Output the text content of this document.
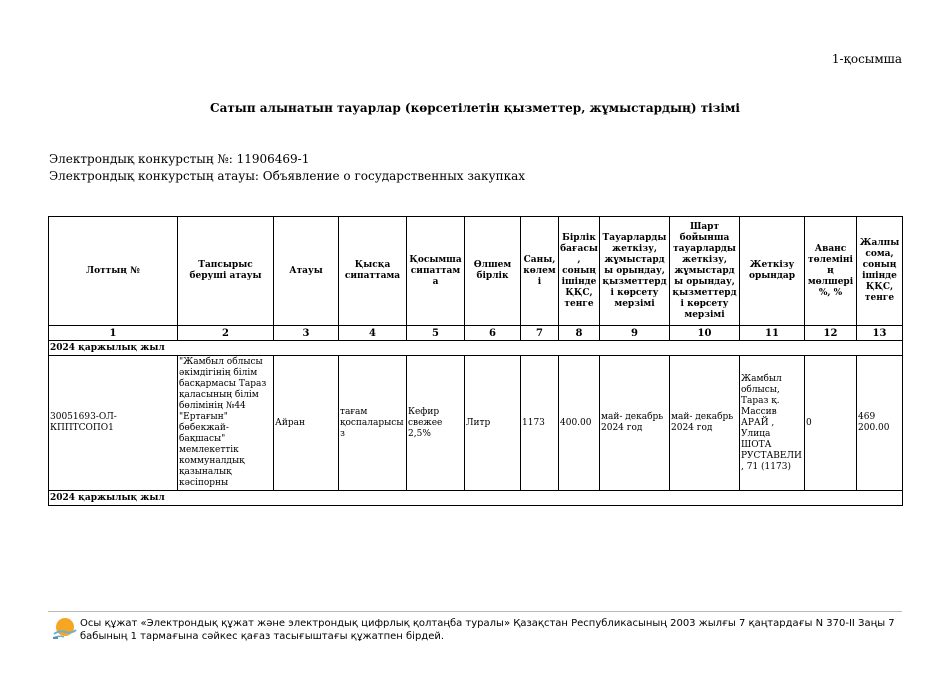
1-қосымша
Сатып алынатын тауарлар (көрсетілетін қызметтер, жұмыстардың) тізімі
Электрондық конкурстың №: 11906469-1
Электрондық конкурстың атауы: Объявление о государственных закупках
Лоттың №	Тапсырыс беруші атауы	Атауы	Қысқа сипаттама	Қосымша сипаттама	Өлшем бірлік	Саны, көлемі	Бірлік бағасы, соның ішінде ҚҚС, тенге	Тауарларды жеткізу, жұмыстарды орындау, қызметтерді көрсету мерзімі	Шарт бойынша тауарларды жеткізу, жұмыстарды орындау, қызметтерді көрсету мерзімі	Жеткізу орындар	Аванс төлемінің мөлшері %, %	Жалпы сома, соның ішінде ҚҚС, тенге
1	2	3	4	5	6	7	8	9	10	11	12	13
2024 қаржылық жыл												
30051693-ОЛ-КППТСОПО1	"Жамбыл облысы әкімдігінің білім басқармасы Тараз қаласының білім бөлімінің №44 "Ертағын" бөбекжай-бақшасы" мемлекеттік коммуналдық қазыналық кәсіпорны	Айран	тағам қоспаларысыз	Кефир свежее 2,5%	Литр	1173	400.00	май- декабрь 2024 год	май- декабрь 2024 год	Жамбыл облысы, Тараз қ. Массив АРАЙ , Улица ШОТА РУСТАВЕЛИ, 71 (1173)	0	469 200.00
2024 қаржылық жыл												
Осы құжат «Электрондық құжат және электрондық цифрлық қолтаңба туралы» Қазақстан Республикасының 2003 жылғы 7 қаңтардағы N 370-II Заңы 7 бабының 1 тармағына сәйкес қағаз тасығыштағы құжатпен бірдей.
